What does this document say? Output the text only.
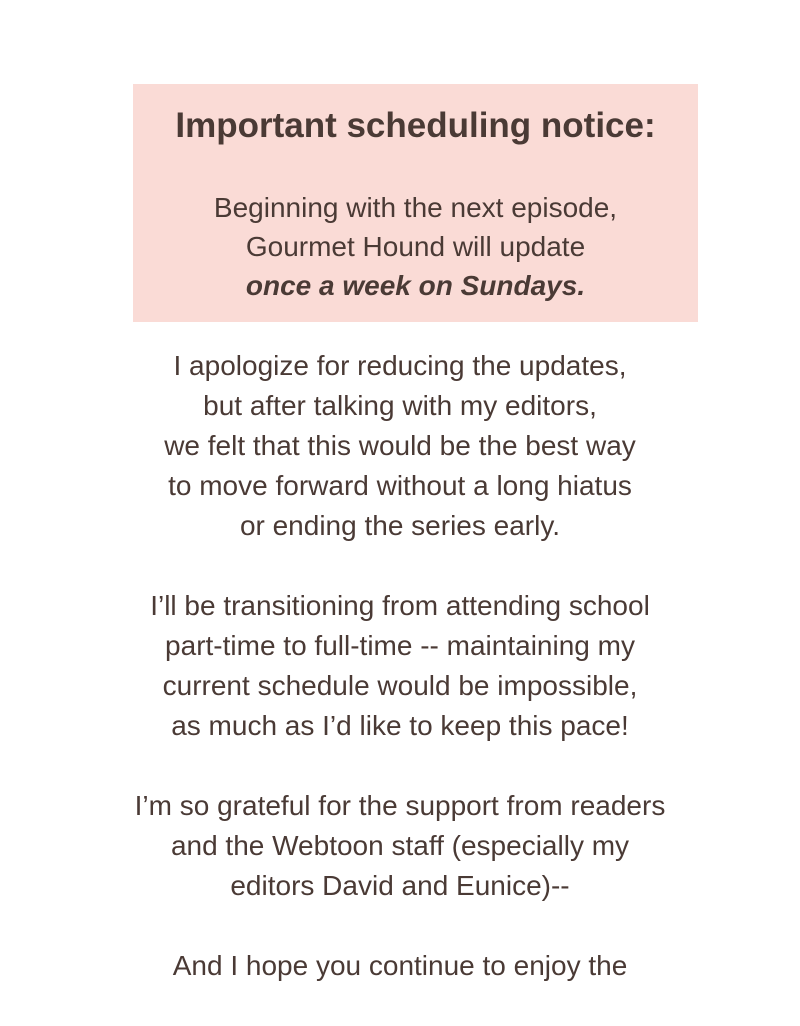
Important scheduling notice:
Beginning with the next episode,
Gourmet Hound will update
once a week on Sundays.
I apologize for reducing the updates,
but after talking with my editors,
we felt that this would be the best way
to move forward without a long hiatus
or ending the series early.
I’ll be transitioning from attending school
part-time to full-time -- maintaining my
current schedule would be impossible,
as much as I’d like to keep this pace!
I’m so grateful for the support from readers
and the Webtoon staff (especially my
editors David and Eunice)--
And I hope you continue to enjoy the
